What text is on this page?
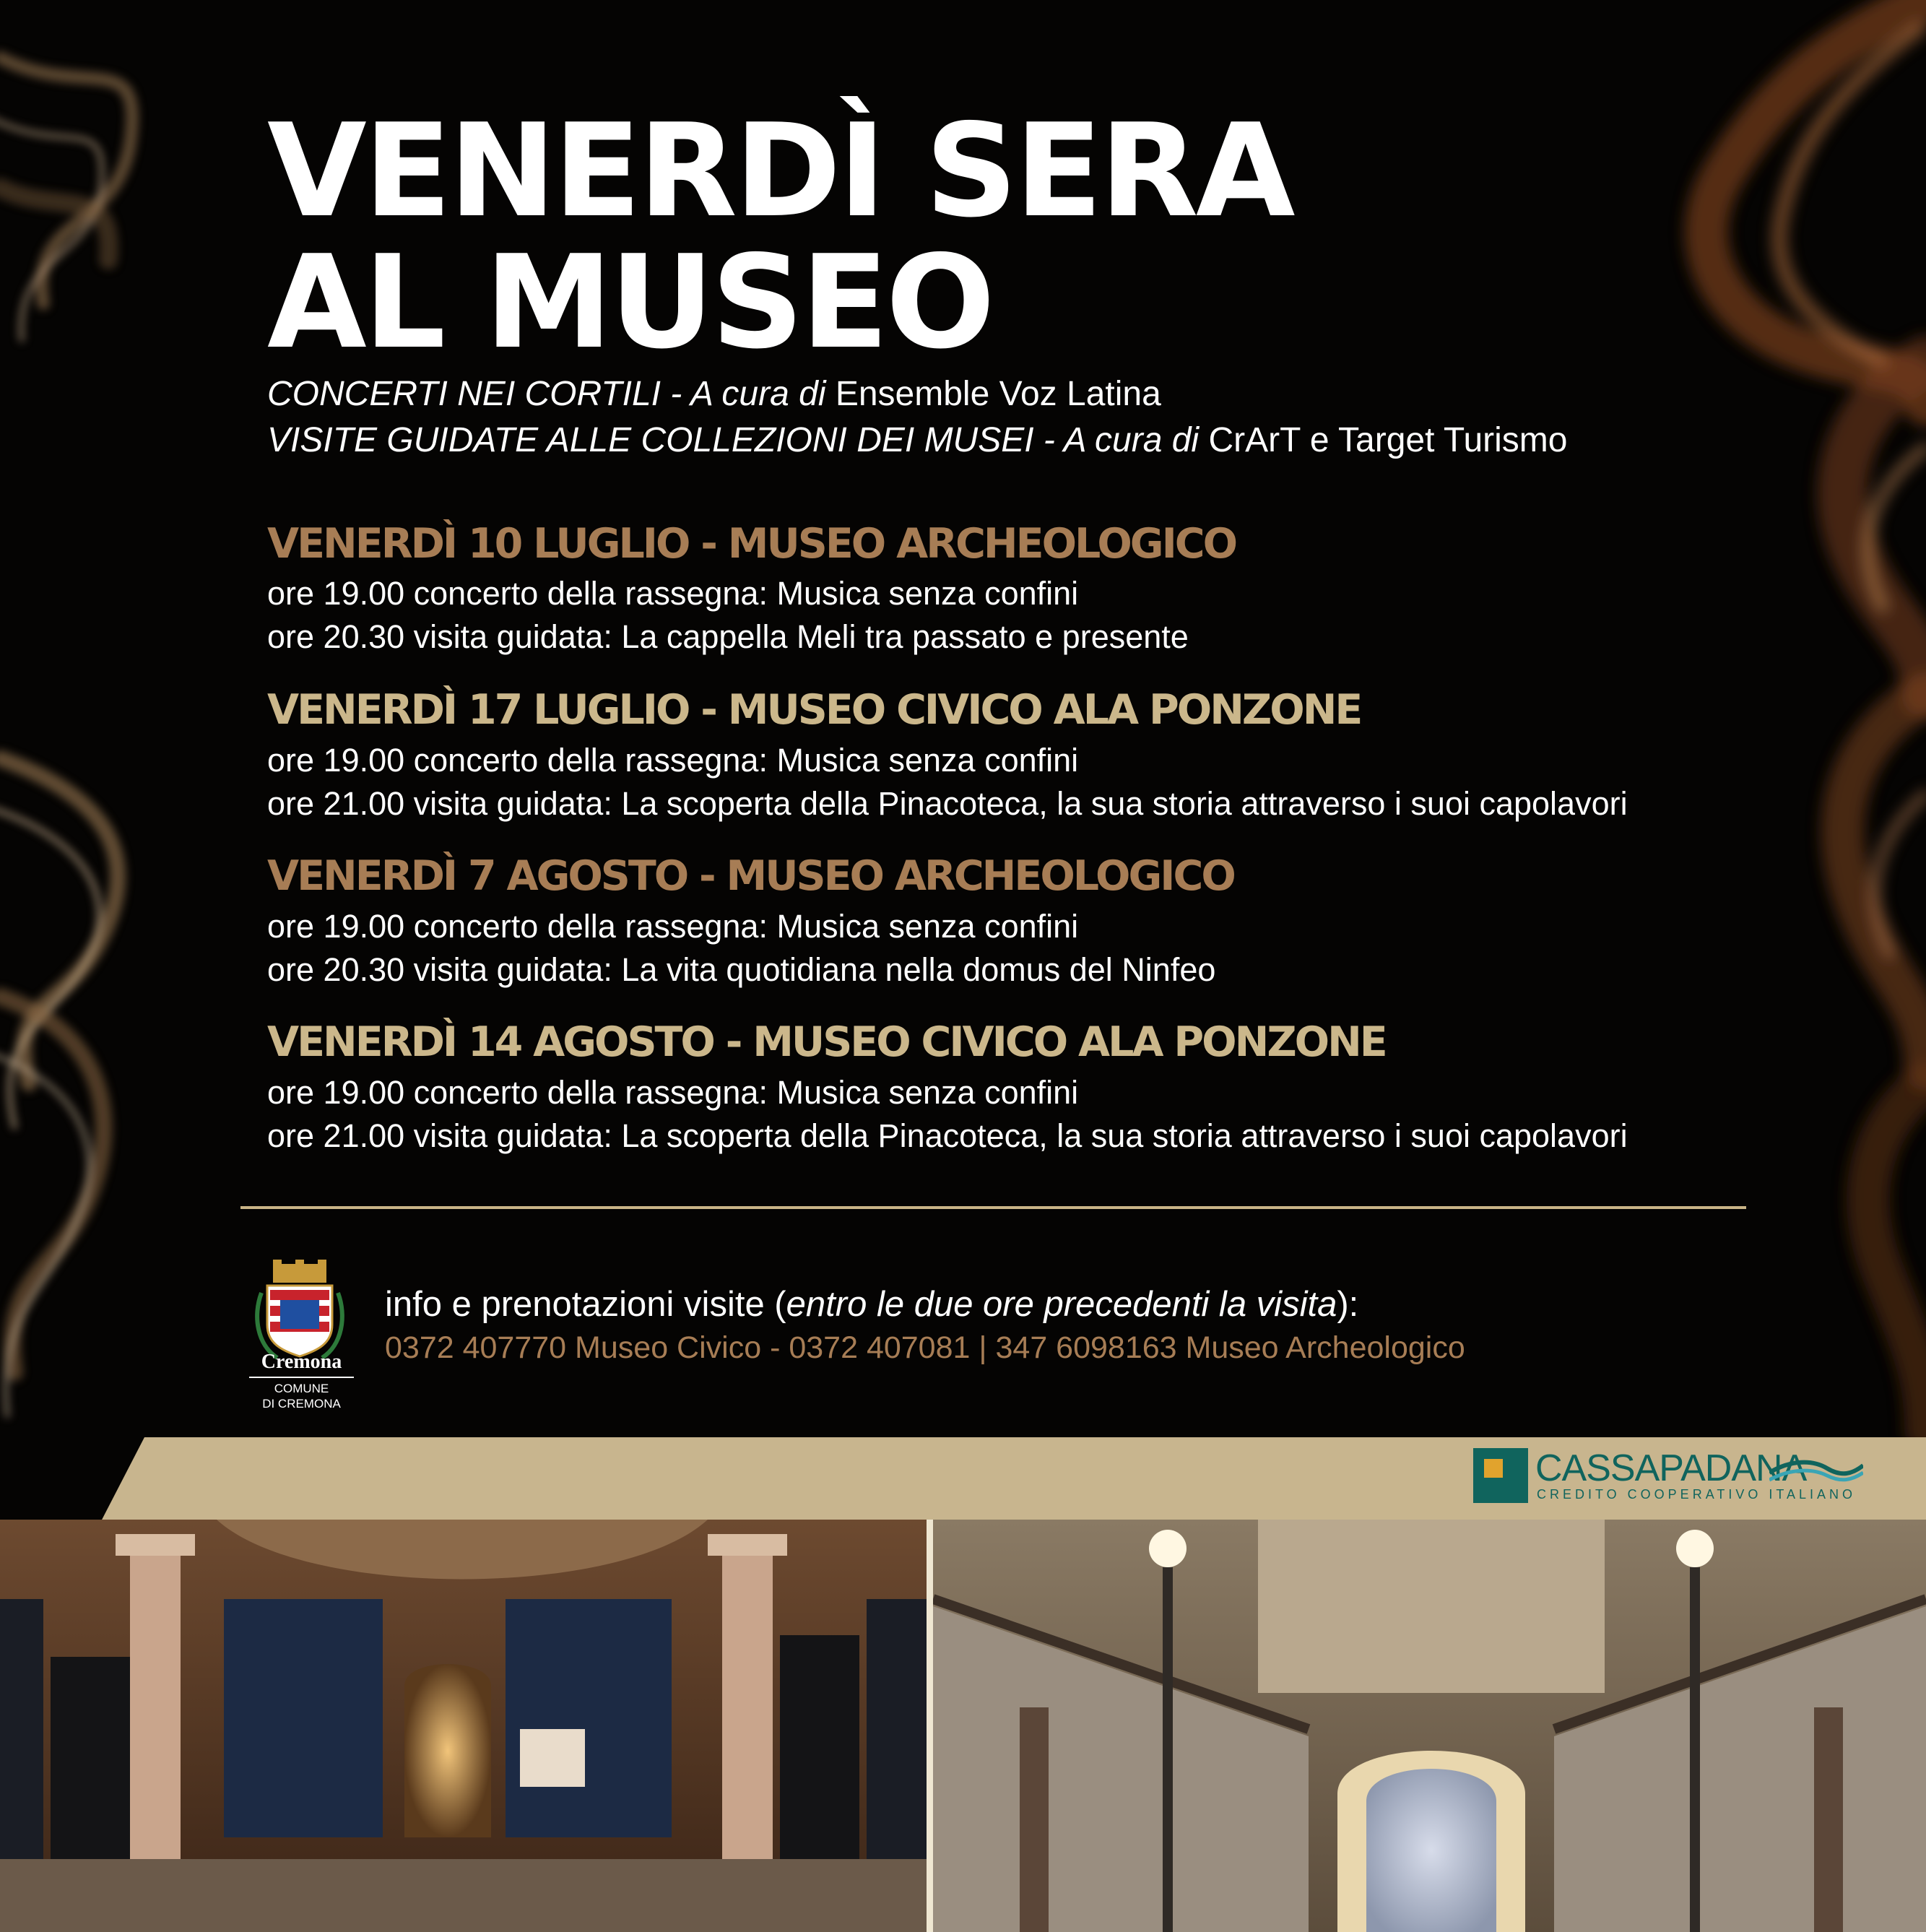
VENERDÌ SERA
AL MUSEO
CONCERTI NEI CORTILI - A cura di Ensemble Voz Latina
VISITE GUIDATE ALLE COLLEZIONI DEI MUSEI - A cura di CrArT e Target Turismo
VENERDÌ 10 LUGLIO - MUSEO ARCHEOLOGICO
ore 19.00 concerto della rassegna: Musica senza confini
ore 20.30 visita guidata: La cappella Meli tra passato e presente
VENERDÌ 17 LUGLIO - MUSEO CIVICO ALA PONZONE
ore 19.00 concerto della rassegna: Musica senza confini
ore 21.00 visita guidata: La scoperta della Pinacoteca, la sua storia attraverso i suoi capolavori
VENERDÌ 7 AGOSTO - MUSEO ARCHEOLOGICO
ore 19.00 concerto della rassegna: Musica senza confini
ore 20.30 visita guidata: La vita quotidiana nella domus del Ninfeo
VENERDÌ 14 AGOSTO - MUSEO CIVICO ALA PONZONE
ore 19.00 concerto della rassegna: Musica senza confini
ore 21.00 visita guidata: La scoperta della Pinacoteca, la sua storia attraverso i suoi capolavori
Cremona
COMUNE
DI CREMONA
info e prenotazioni visite (entro le due ore precedenti la visita):
0372 407770 Museo Civico - 0372 407081 | 347 6098163 Museo Archeologico
CASSAPADANA
CREDITO COOPERATIVO ITALIANO
